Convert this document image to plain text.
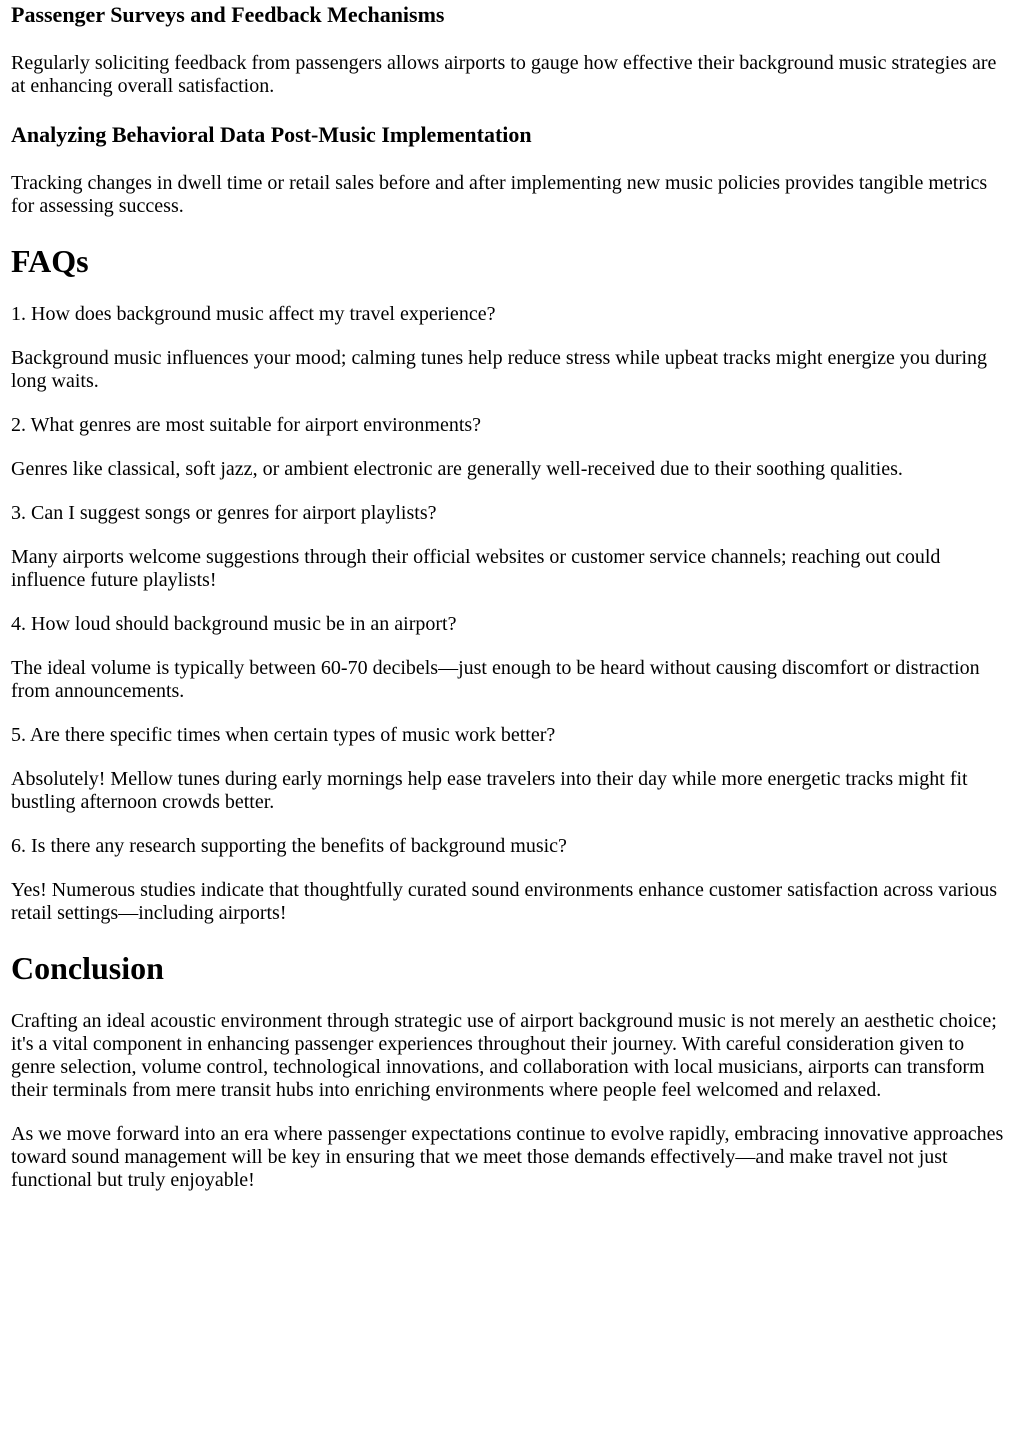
Passenger Surveys and Feedback Mechanisms

Regularly soliciting feedback from passengers allows airports to gauge how effective their background music strategies are at enhancing overall satisfaction.

Analyzing Behavioral Data Post-Music Implementation

Tracking changes in dwell time or retail sales before and after implementing new music policies provides tangible metrics for assessing success.

FAQs

1. How does background music affect my travel experience?

Background music influences your mood; calming tunes help reduce stress while upbeat tracks might energize you during long waits.

2. What genres are most suitable for airport environments?

Genres like classical, soft jazz, or ambient electronic are generally well-received due to their soothing qualities.

3. Can I suggest songs or genres for airport playlists?

Many airports welcome suggestions through their official websites or customer service channels; reaching out could influence future playlists!

4. How loud should background music be in an airport?

The ideal volume is typically between 60-70 decibels—just enough to be heard without causing discomfort or distraction from announcements.

5. Are there specific times when certain types of music work better?

Absolutely! Mellow tunes during early mornings help ease travelers into their day while more energetic tracks might fit bustling afternoon crowds better.

6. Is there any research supporting the benefits of background music?

Yes! Numerous studies indicate that thoughtfully curated sound environments enhance customer satisfaction across various retail settings—including airports!

Conclusion

Crafting an ideal acoustic environment through strategic use of airport background music is not merely an aesthetic choice; it's a vital component in enhancing passenger experiences throughout their journey. With careful consideration given to genre selection, volume control, technological innovations, and collaboration with local musicians, airports can transform their terminals from mere transit hubs into enriching environments where people feel welcomed and relaxed.

As we move forward into an era where passenger expectations continue to evolve rapidly, embracing innovative approaches toward sound management will be key in ensuring that we meet those demands effectively—and make travel not just functional but truly enjoyable!
